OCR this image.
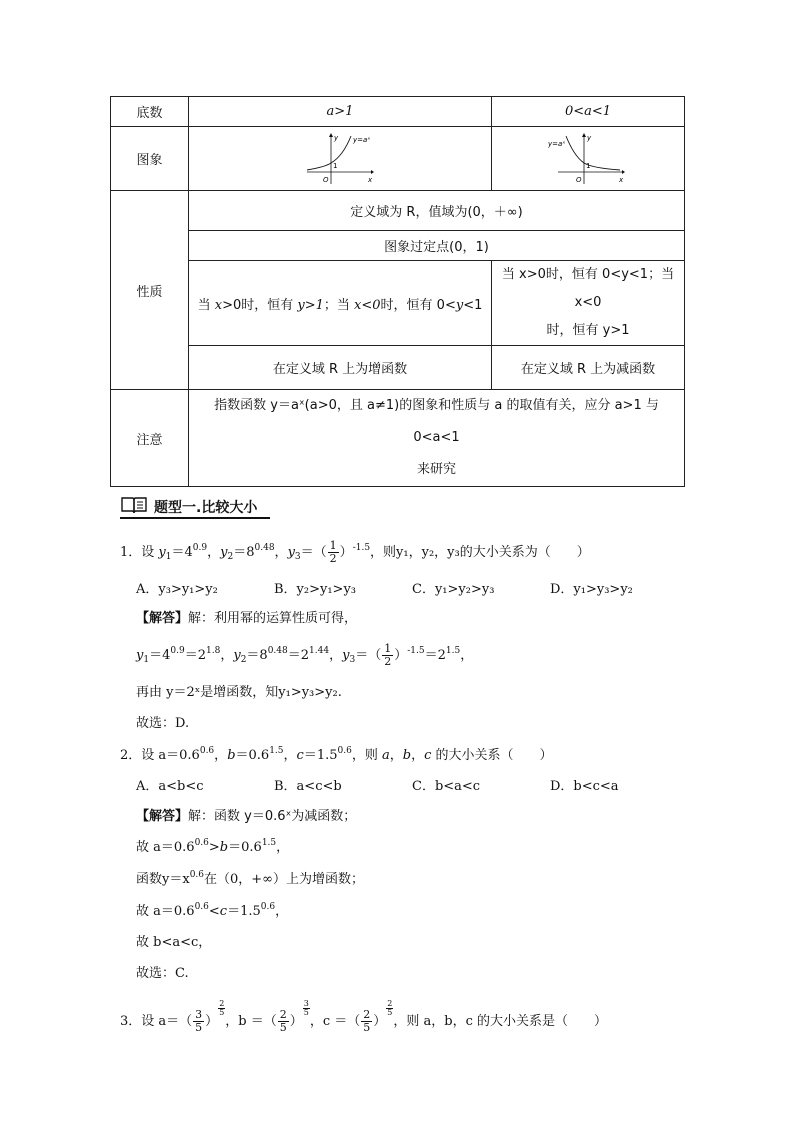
底数	a>1	0<a<1
图象	y y=aˣ
1
O x	y
y=aˣ
1
O x

性质	定义域为 R，值域为(0，＋∞)	
	图象过定点(0，1)	
	当 x>0时，恒有 y>1；当 x<0时，恒有 0<y<1	当 x>0时，恒有 0<y<1；当 x<0
时，恒有 y>1

	在定义域 R 上为增函数	在定义域 R 上为减函数
注意	指数函数 y＝aˣ(a>0，且 a≠1)的图象和性质与 a 的取值有关，应分 a>1 与 0<a<1
来研究	
题型一.比较大小
1．设 $y_1=4^{0.9}$，$y_2=8^{0.48}$，$y_3=( \frac{1}{2} )^{-1.5}$，则y₁，y₂，y₃的大小关系为（　　）
A．y₃>y₁>y₂	B．y₂>y₁>y₃	C．y₁>y₂>y₃	D．y₁>y₃>y₂
【解答】解：利用幂的运算性质可得，
$y_1=4^{0.9}=2^{1.8}$，$y_2=8^{0.48}=2^{1.44}$，$y_3=( \frac{1}{2} )^{-1.5}=2^{1.5}$，
再由 y＝2ˣ是增函数，知y₁>y₃>y₂.
故选：D.
2．设 $a=0.6^{0.6}$，$b=0.6^{1.5}$，$c=1.5^{0.6}$，则 a，b，c 的大小关系（　　）
A．a<b<c	B．a<c<b	C．b<a<c	D．b<c<a
【解答】解：函数 y＝0.6ˣ为减函数；
故 $a=0.6^{0.6}>b=0.6^{1.5}$，
函数$y=x^{0.6}$在（0，+∞）上为增函数；
故 $a=0.6^{0.6}<c=1.5^{0.6}$，
故 b<a<c，
故选：C.
3．设 $a=( \frac{3}{5}$ ）
$\frac{2}{5}$
，b ＝（ $\frac{2}{5}$ ）
$\frac{3}{5}$
，c ＝（ $\frac{2}{5}$ ）
$\frac{2}{5}$
，则 a，b，c 的大小关系是（　　）
